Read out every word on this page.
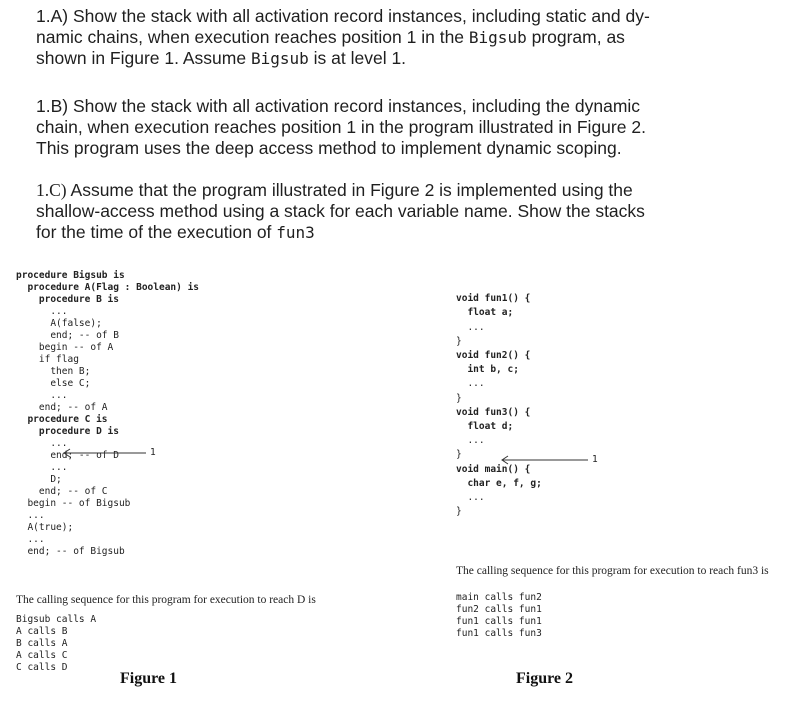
1.A) Show the stack with all activation record instances, including static and dy-
namic chains, when execution reaches position 1 in the Bigsub program, as
shown in Figure 1. Assume Bigsub is at level 1.
1.B) Show the stack with all activation record instances, including the dynamic
chain, when execution reaches position 1 in the program illustrated in Figure 2.
This program uses the deep access method to implement dynamic scoping.
1.C) Assume that the program illustrated in Figure 2 is implemented using the
shallow-access method using a stack for each variable name. Show the stacks
for the time of the execution of fun3

procedure Bigsub is
procedure A(Flag : Boolean) is
procedure B is
...
A(false);
end; -- of B
begin -- of A
if flag
then B;
else C;
...
end; -- of A
procedure C is
procedure D is
...
end; -- of D
...
D;
end; -- of C
begin -- of Bigsub
...
A(true);
...
end; -- of Bigsub

1
The calling sequence for this program for execution to reach D is
Bigsub calls A
A calls B
B calls A
A calls C
C calls D
Figure 1

void fun1() {
float a;
...
}
void fun2() {
int b, c;
...
}
void fun3() {
float d;
...
}
void main() {
char e, f, g;
...
}

1
The calling sequence for this program for execution to reach fun3 is
main calls fun2
fun2 calls fun1
fun1 calls fun1
fun1 calls fun3
Figure 2
